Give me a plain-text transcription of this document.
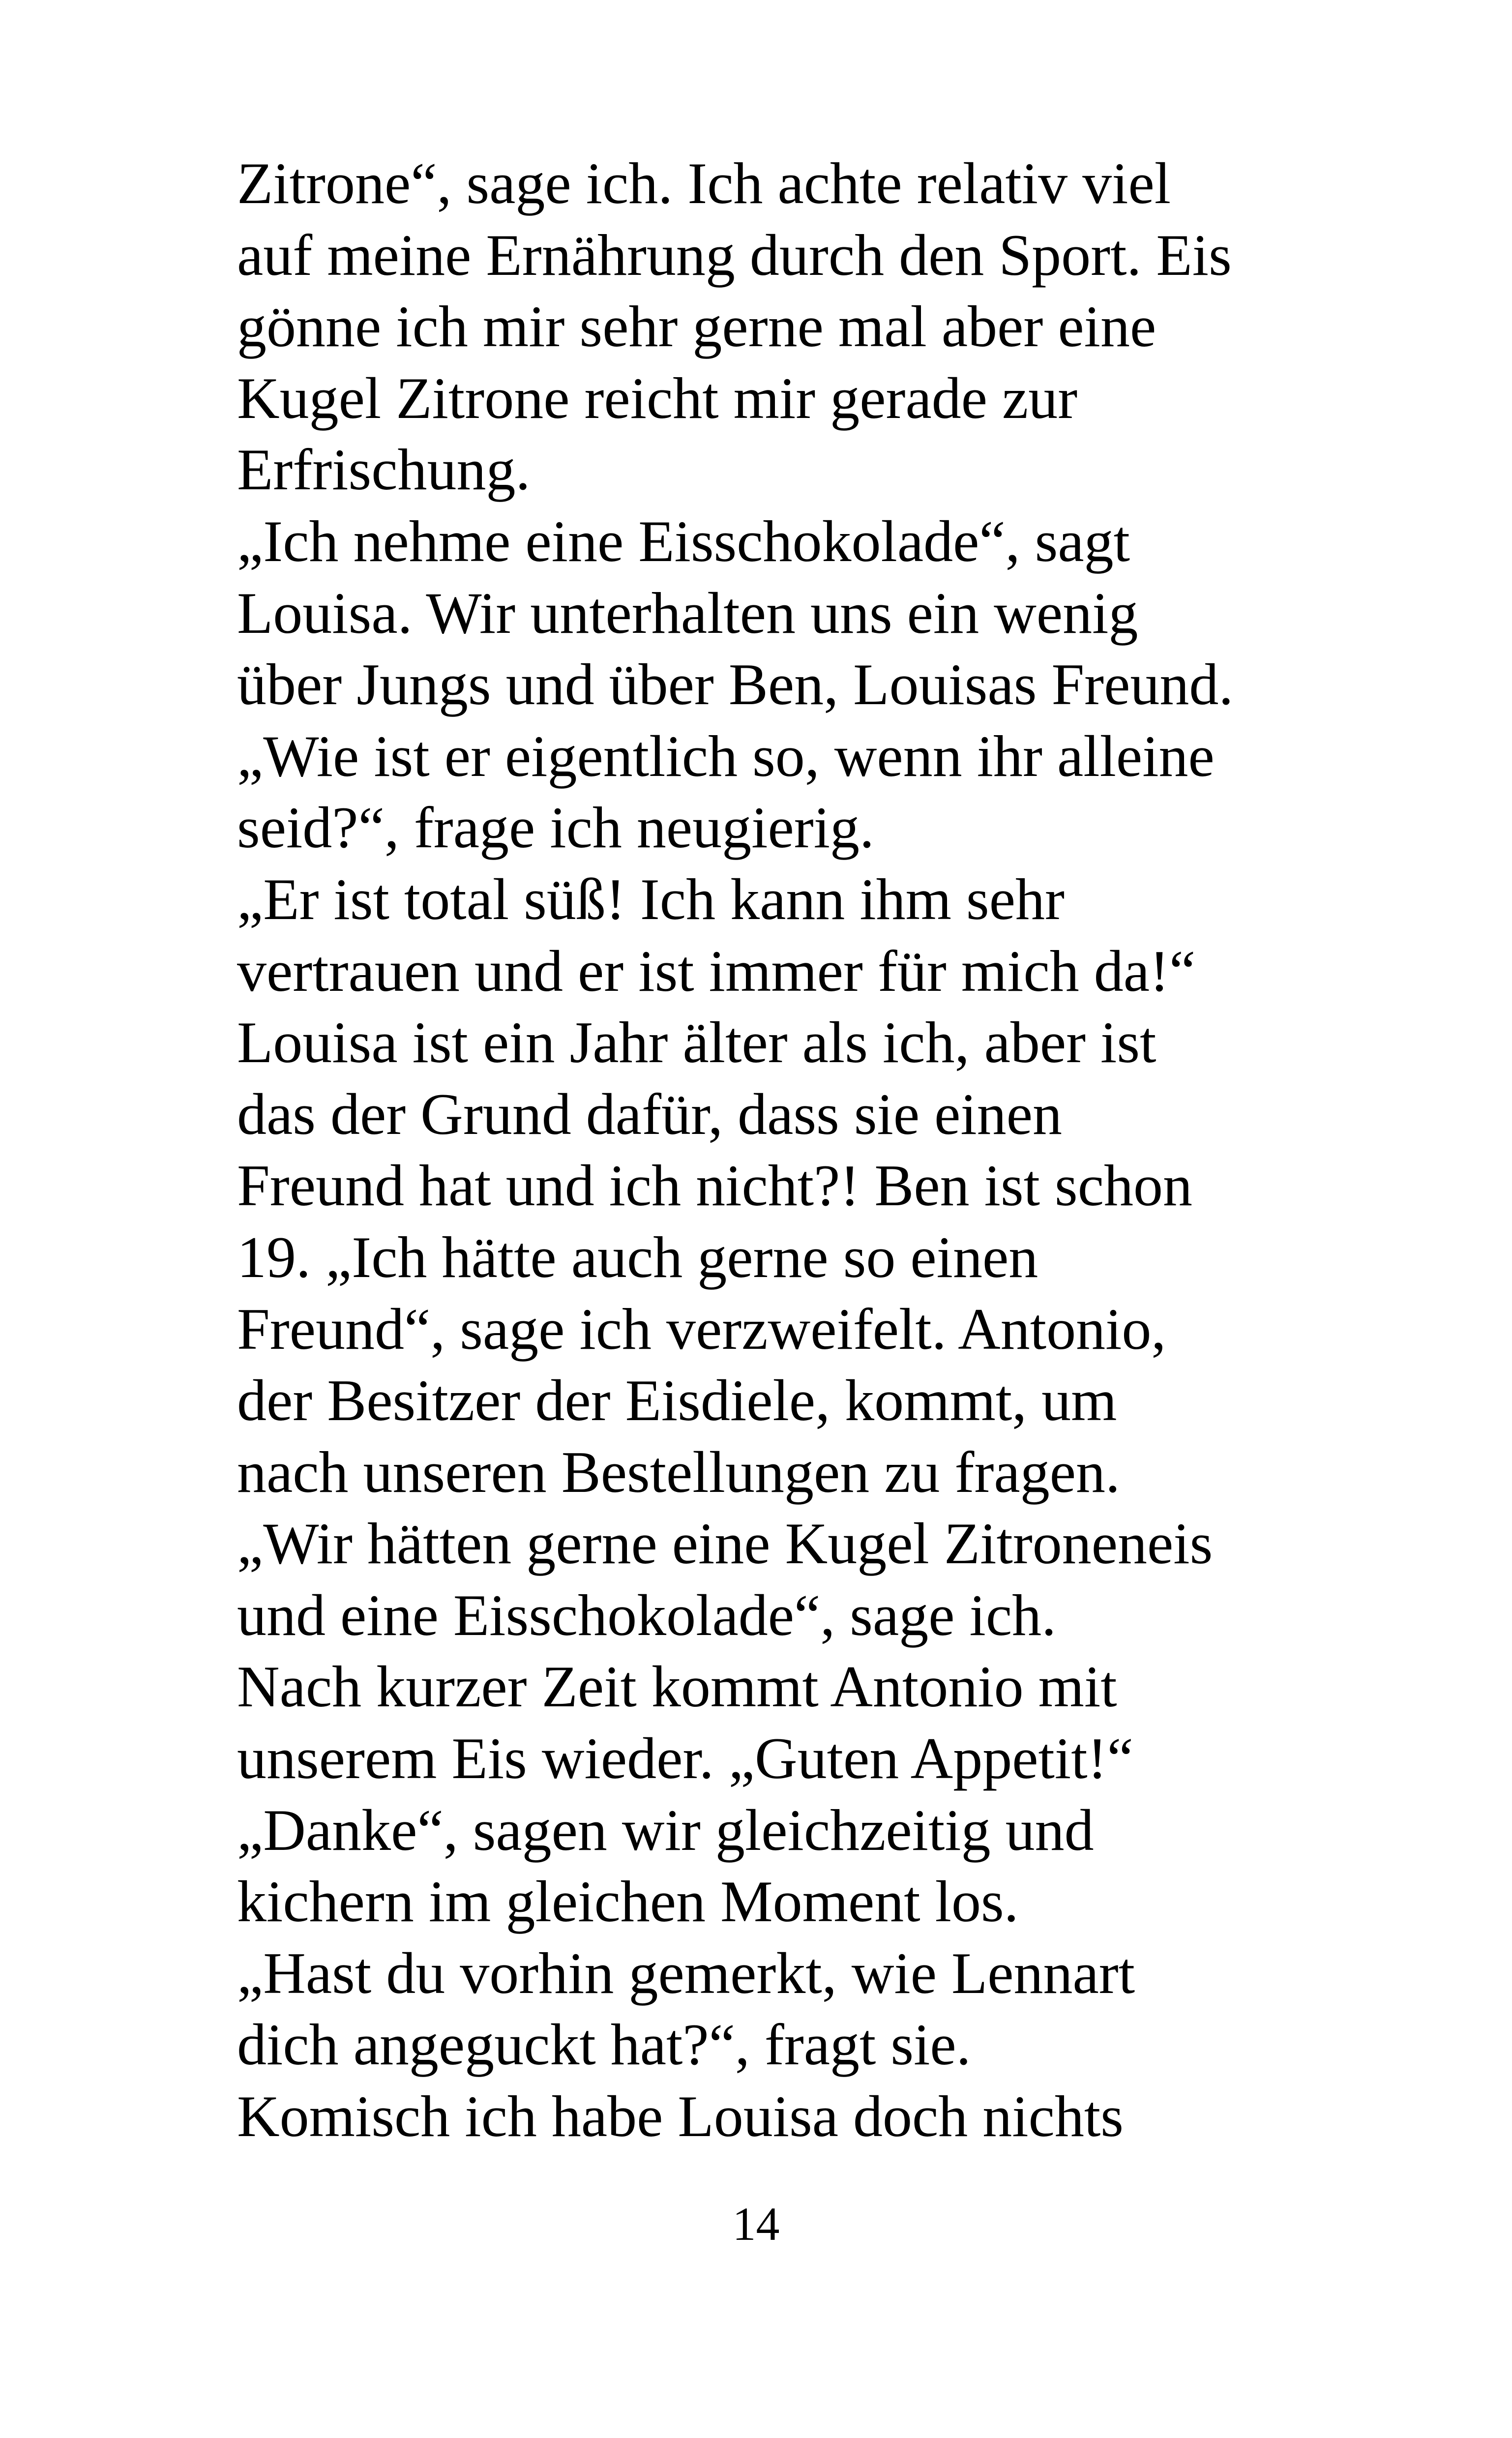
Zitrone“, sage ich. Ich achte relativ viel
auf meine Ernährung durch den Sport. Eis
gönne ich mir sehr gerne mal aber eine
Kugel Zitrone reicht mir gerade zur
Erfrischung.
„Ich nehme eine Eisschokolade“, sagt
Louisa. Wir unterhalten uns ein wenig
über Jungs und über Ben, Louisas Freund.
„Wie ist er eigentlich so, wenn ihr alleine
seid?“, frage ich neugierig.
„Er ist total süß! Ich kann ihm sehr
vertrauen und er ist immer für mich da!“
Louisa ist ein Jahr älter als ich, aber ist
das der Grund dafür, dass sie einen
Freund hat und ich nicht?! Ben ist schon
19. „Ich hätte auch gerne so einen
Freund“, sage ich verzweifelt. Antonio,
der Besitzer der Eisdiele, kommt, um
nach unseren Bestellungen zu fragen.
„Wir hätten gerne eine Kugel Zitroneneis
und eine Eisschokolade“, sage ich.
Nach kurzer Zeit kommt Antonio mit
unserem Eis wieder. „Guten Appetit!“
„Danke“, sagen wir gleichzeitig und
kichern im gleichen Moment los.
„Hast du vorhin gemerkt, wie Lennart
dich angeguckt hat?“, fragt sie.
Komisch ich habe Louisa doch nichts
14
